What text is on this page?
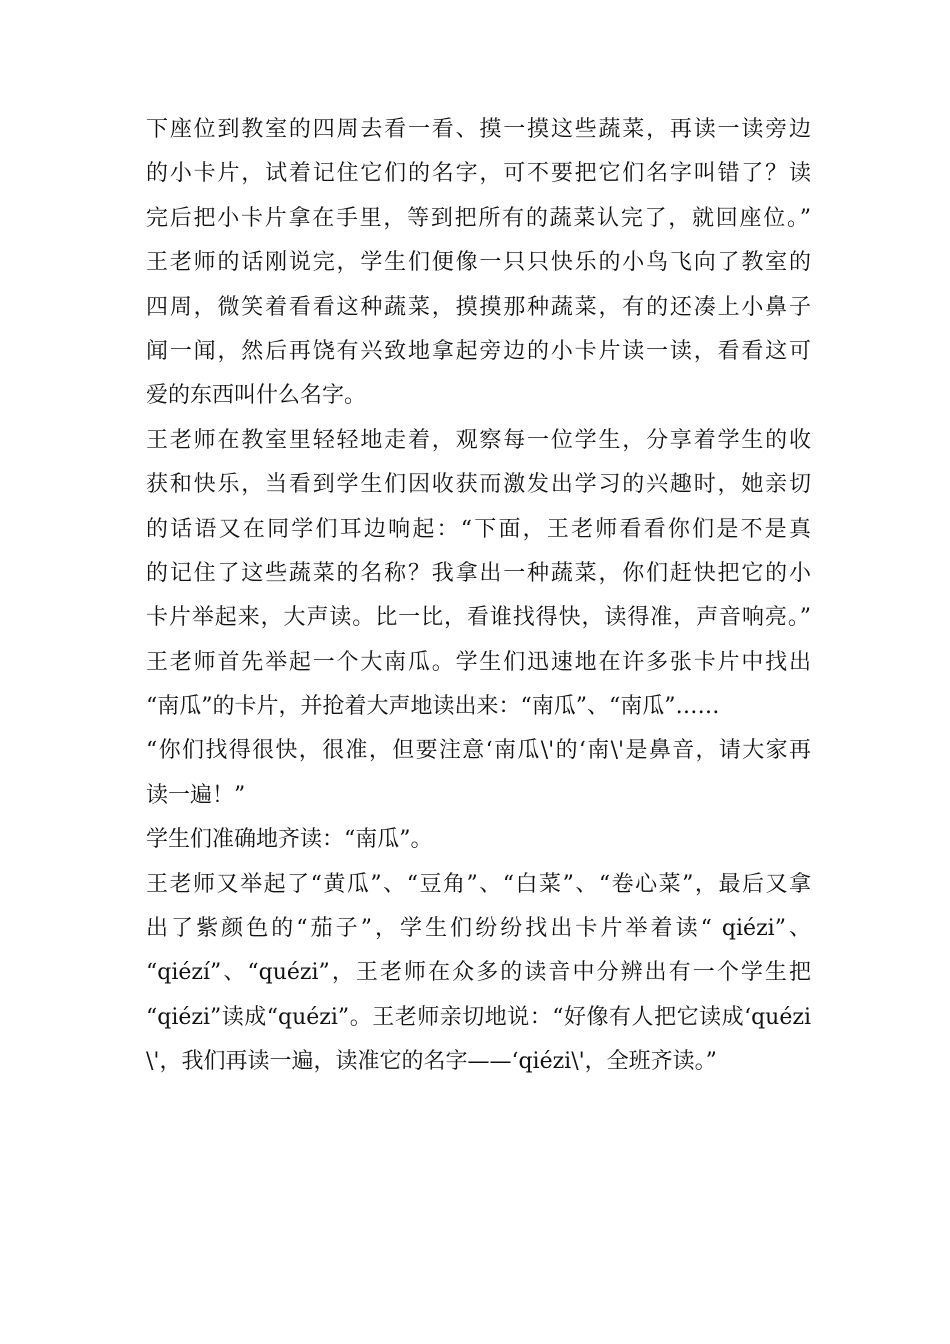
下座位到教室的四周去看一看、摸一摸这些蔬菜，再读一读旁边
的小卡片，试着记住它们的名字，可不要把它们名字叫错了？读
完后把小卡片拿在手里，等到把所有的蔬菜认完了，就回座位。”
王老师的话刚说完，学生们便像一只只快乐的小鸟飞向了教室的
四周，微笑着看看这种蔬菜，摸摸那种蔬菜，有的还凑上小鼻子
闻一闻，然后再饶有兴致地拿起旁边的小卡片读一读，看看这可
爱的东西叫什么名字。
王老师在教室里轻轻地走着，观察每一位学生，分享着学生的收
获和快乐，当看到学生们因收获而激发出学习的兴趣时，她亲切
的话语又在同学们耳边响起：“下面，王老师看看你们是不是真
的记住了这些蔬菜的名称？我拿出一种蔬菜，你们赶快把它的小
卡片举起来，大声读。比一比，看谁找得快，读得准，声音响亮。”
王老师首先举起一个大南瓜。学生们迅速地在许多张卡片中找出
“南瓜”的卡片，并抢着大声地读出来：“南瓜”、“南瓜”……
“你们找得很快，很准，但要注意‘南瓜\'的‘南\'是鼻音，请大家再
读一遍！”
学生们准确地齐读：“南瓜”。
王老师又举起了“黄瓜”、“豆角”、“白菜”、“卷心菜”，最后又拿
出了紫颜色的“茄子”，学生们纷纷找出卡片举着读“ qiézi”、
“qiézí”、“quézi”，王老师在众多的读音中分辨出有一个学生把
“qiézi”读成“quézi”。王老师亲切地说：“好像有人把它读成‘quézi
\'，我们再读一遍，读准它的名字——‘qiézi\'，全班齐读。”
